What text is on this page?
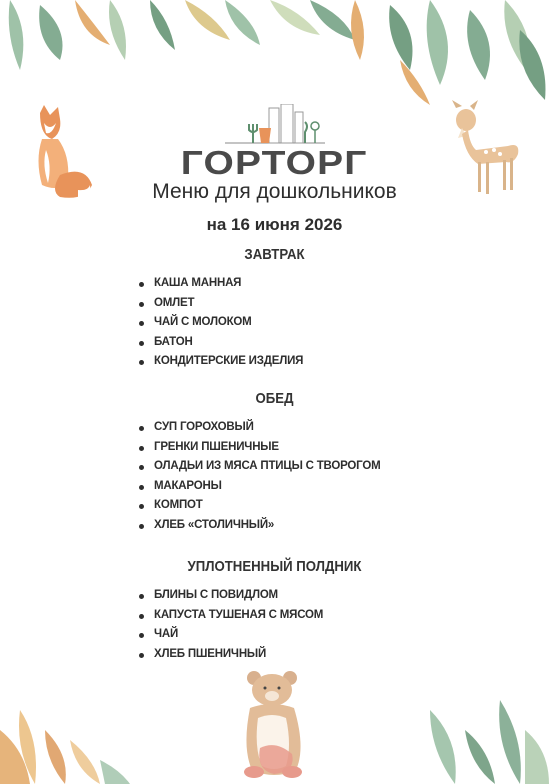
ГОРТОРГ
Меню для дошкольников
на 16 июня 2026
ЗАВТРАК
КАША МАННАЯ
ОМЛЕТ
ЧАЙ С МОЛОКОМ
БАТОН
КОНДИТЕРСКИЕ ИЗДЕЛИЯ
ОБЕД
СУП ГОРОХОВЫЙ
ГРЕНКИ ПШЕНИЧНЫЕ
ОЛАДЬИ ИЗ МЯСА ПТИЦЫ С ТВОРОГОМ
МАКАРОНЫ
КОМПОТ
ХЛЕБ «СТОЛИЧНЫЙ»
УПЛОТНЕННЫЙ ПОЛДНИК
БЛИНЫ С ПОВИДЛОМ
КАПУСТА ТУШЕНАЯ С МЯСОМ
ЧАЙ
ХЛЕБ ПШЕНИЧНЫЙ
